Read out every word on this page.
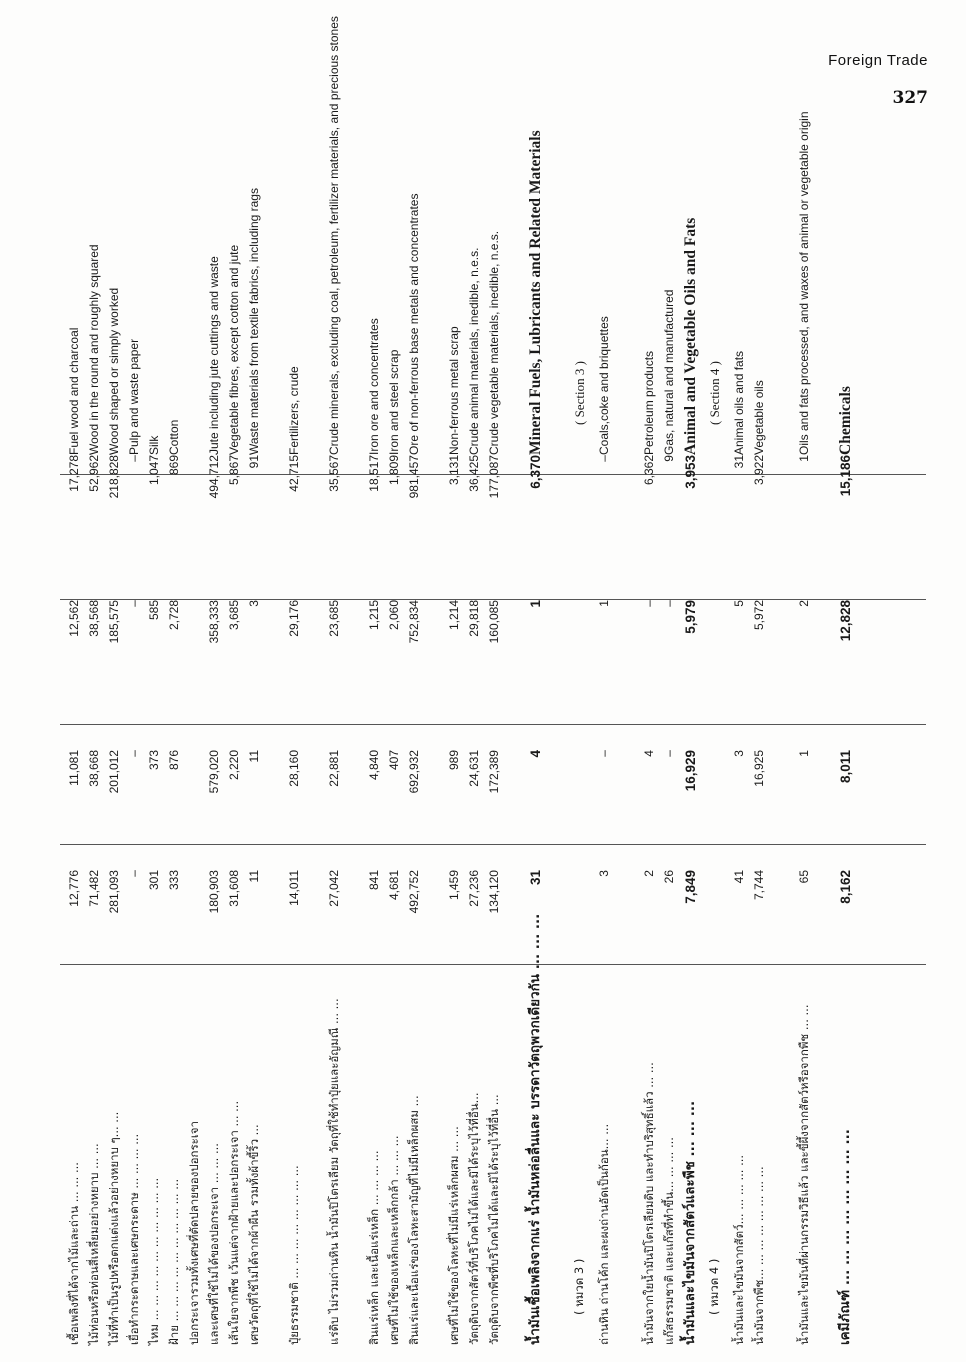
Foreign Trade
327
เชื้อเพลิงที่ได้จากไม้และถ่าน ... ... ...
12,776
11,081
12,562
17,278
Fuel wood and charcoal
ไม้ท่อนหรือท่อนสี่เหลี่ยมอย่างหยาบ ... ...
71,482
38,668
38,568
52,962
Wood in the round and roughly squared
ไม้ที่ทำเป็นรูปหรือตกแต่งแล้วอย่างหยาบ ๆ... ...
281,093
201,012
185,575
218,828
Wood shaped or simply worked
เยื่อทำกระดาษและเศษกระดาษ ... ... ... ...
–
–
–
–
Pulp and waste paper
ไหม ... ... ... ... ... ... ... ... ... ...
301
373
585
1,047
Silk
ฝ้าย ... ... ... ... ... ... ... ... ... ...
333
876
2,728
869
Cotton
ปอกระเจารวมทั้งเศษที่ตัดปลายของปอกระเจา และเศษที่ใช้ไม่ได้ของปอกระเจา ... ... ...
180,903
579,020
358,333
494,712
Jute including jute cuttings and waste
เส้นใยจากพืช เว้นแต่จากฝ้ายและปอกระเจา ... ...
31,608
2,220
3,685
5,867
Vegetable fibres, except cotton and jute
เศษวัตถุที่ใช้ไม่ได้จากผ้าผืน รวมทั้งผ้าขี้ริ้ว ...
11
11
3
91
Waste materials from textile fabrics, including rags
ปุ๋ยธรรมชาติ ... ... ... ... ... ... ... ...
14,011
28,160
29,176
42,715
Fertilizers, crude
แร่ดิบ ไม่รวมถ่านหิน น้ำมันปิโตรเลียม วัตถุที่ใช้ทำปุ๋ยและอัญมณี ... ...
27,042
22,881
23,685
35,567
Crude minerals, excluding coal, petroleum, fertilizer materials, and precious stones
สินแร่เหล็ก และเนื้อแร่เหล็ก ... ... ... ...
841
4,840
1,215
18,517
Iron ore and concentrates
เศษที่ไม่ใช้ของเหล็กและเหล็กกล้า ... ... ...
4,681
407
2,060
1,809
Iron and steel scrap
สินแร่และเนื้อแร่ของโลหะสามัญที่ไม่มีเหล็กผสม ...
492,752
692,932
752,834
981,457
Ore of non-ferrous base metals and concentrates
เศษที่ไม่ใช้ของโลหะที่ไม่มีแร่เหล็กผสม ... ...
1,459
989
1,214
3,131
Non-ferrous metal scrap
วัตถุดิบจากสัตว์ที่บริโภคไม่ได้และมิได้ระบุไว้ที่อื่น...
27,236
24,631
29,818
36,425
Crude animal materials, inedible, n.e.s.
วัตถุดิบจากพืชที่บริโภคไม่ได้และมิได้ระบุไว้ที่อื่น ...
134,120
172,389
160,085
177,087
Crude vegetable materials, inedible, n.e.s.
น้ำมันเชื้อเพลิงจากแร่ น้ำมันหล่อลื่นและ บรรดาวัตถุพวกเดียวกัน ... ... ...
31
4
1
6,370
Mineral Fuels, Lubricants and Related Materials
( หมวด 3 )
( Section 3 )
ถ่านหิน ถ่านโค้ก และผงถ่านอัดเป็นก้อน... ...
3
–
1
–
Coals,coke and briquettes
น้ำมันจากใยน้ำมันปิโตรเลียมดิบ และทำบริสุทธิ์แล้ว ... ...
2
4
–
6,362
Petroleum products
แก๊สธรรมชาติ และแก๊สที่ทำขึ้น... ... ... ...
26
–
–
9
Gas, natural and manufactured
น้ำมันและไขมันจากสัตว์และพืช ... ... ...
7,849
16,929
5,979
3,953
Animal and Vegetable Oils and Fats
( หมวด 4 )
( Section 4 )
น้ำมันและไขมันจากสัตว์... ... ... ... ...
41
3
5
31
Animal oils and fats
น้ำมันจากพืช... ... ... ... ... ... ... ...
7,744
16,925
5,972
3,922
Vegetable oils
น้ำมันและไขมันที่ผ่านกรรมวิธีแล้ว และขี้ผึ้งจากสัตว์หรือจากพืช ... ...
65
1
2
1
Oils and fats processed, and waxes of animal or vegetable origin
เคมีภัณฑ์ ... ... ... ... ... ... ... ...
8,162
8,011
12,828
15,186
Chemicals
